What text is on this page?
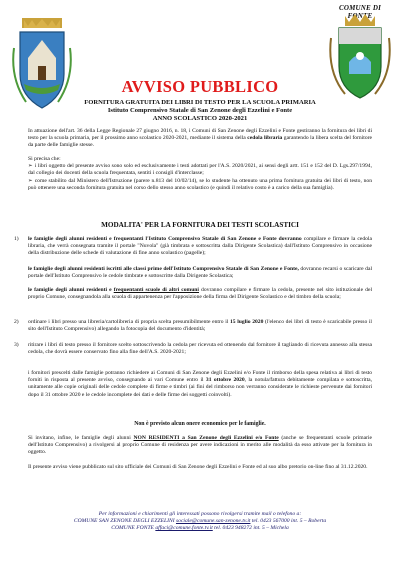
COMUNE DI FONTE
AVVISO PUBBLICO
FORNITURA GRATUITA DEI LIBRI DI TESTO PER LA SCUOLA PRIMARIA
Istituto Comprensivo Statale di San Zenone degli Ezzelini e Fonte
ANNO SCOLASTICO 2020-2021
In attuazione dell'art. 36 della Legge Regionale 27 giugno 2016, n. 18, i Comuni di San Zenone degli Ezzelini e Fonte gestiranno la fornitura dei libri di testo per la scuola primaria, per il prossimo anno scolastico 2020-2021, mediante il sistema della cedola libraria garantendo la libera scelta del fornitore da parte delle famiglie stesse.
Si precisa che:
➢ i libri oggetto del presente avviso sono solo ed esclusivamente i testi adottati per l'A.S. 2020/2021, ai sensi degli artt. 151 e 152 del D. Lgs.297/1994, dal collegio dei docenti della scuola frequentata, sentiti i consigli d'interclasse;
➢ come stabilito dal Ministero dell'Istruzione (parere n.813 del 10/02/14), se lo studente ha ottenuto una prima fornitura gratuita dei libri di testo, non può ottenere una seconda fornitura gratuita nel corso dello stesso anno scolastico (e quindi il relativo costo è a carico della sua famiglia).
MODALITA' PER LA FORNITURA DEI TESTI SCOLASTICI
1)	le famiglie degli alunni residenti e frequentanti l'Istituto Comprensivo Statale di San Zenone e Fonte dovranno compilare e firmare la cedola libraria, che verrà consegnata tramite il portale "Nuvola" (già timbrata e sottoscritta dalla Dirigente Scolastica) dall'Istituto Comprensivo in occasione della distribuzione delle schede di valutazione di fine anno scolastico (pagelle);
le famiglie degli alunni residenti iscritti alle classi prime dell'Istituto Comprensivo Statale di San Zenone e Fonte, dovranno recarsi o scaricare dal portale dell'Istituto Comprensivo le cedole timbrate e sottoscritte dalla Dirigente Scolastica;
le famiglie degli alunni residenti e frequentanti scuole di altri comuni dovranno compilare e firmare la cedola, presente nel sito istituzionale del proprio Comune, consegnandola alla scuola di appartenenza per l'apposizione della firma del Dirigente Scolastico e del timbro della scuola;
2)	ordinare i libri presso una libreria/cartolibreria di propria scelta presumibilmente entro il 15 luglio 2020 (l'elenco dei libri di testo è scaricabile presso il sito dell'Istituto Comprensivo) allegando la fotocopia del documento d'identità;
3)	ritirare i libri di testo presso il fornitore scelto sottoscrivendo la cedola per ricevuta ed ottenendo dal fornitore il tagliando di ricevuta annesso alla stessa cedola, che dovrà essere conservato fino alla fine dell'A.S. 2020-2021;
i fornitori prescelti dalle famiglie potranno richiedere ai Comuni di San Zenone degli Ezzelini e/o Fonte il rimborso della spesa relativa ai libri di testo forniti in risposta al presente avviso, consegnando ai vari Comune entro il 31 ottobre 2020, la notula/fattura debitamente compilata e sottoscritta, unitamente alle copie originali delle cedole complete di firme e timbri (ai fini del rimborso non verranno considerate le richieste pervenute dai fornitori dopo il 31 ottobre 2020 e le cedole incomplete dei dati e delle firme dei soggetti coinvolti).
Non è previsto alcun onere economico per le famiglie.
Si invitano, infine, le famiglie degli alunni NON RESIDENTI a San Zenone degli Ezzelini e/o Fonte (anche se frequentanti scuole primarie dell'Istituto Comprensivo) a rivolgersi al proprio Comune di residenza per avere indicazioni in merito alle modalità da esso attivate per la fornitura in oggetto.
Il presente avviso viene pubblicato sul sito ufficiale dei Comuni di San Zenone degli Ezzelini e Fonte ed al suo albo pretorio on-line fino al 31.12.2020.
Per informazioni e chiarimenti gli interessati possono rivolgersi tramite mail o telefono a:
COMUNE SAN ZENONE DEGLI EZZELINI sociale@comune.san-zenone.tv.it tel. 0423 567000 int. 5 – Roberta
COMUNE FONTE affaci@comune.fonte.tv.it tel. 0423 948272 int. 5 – Michela
